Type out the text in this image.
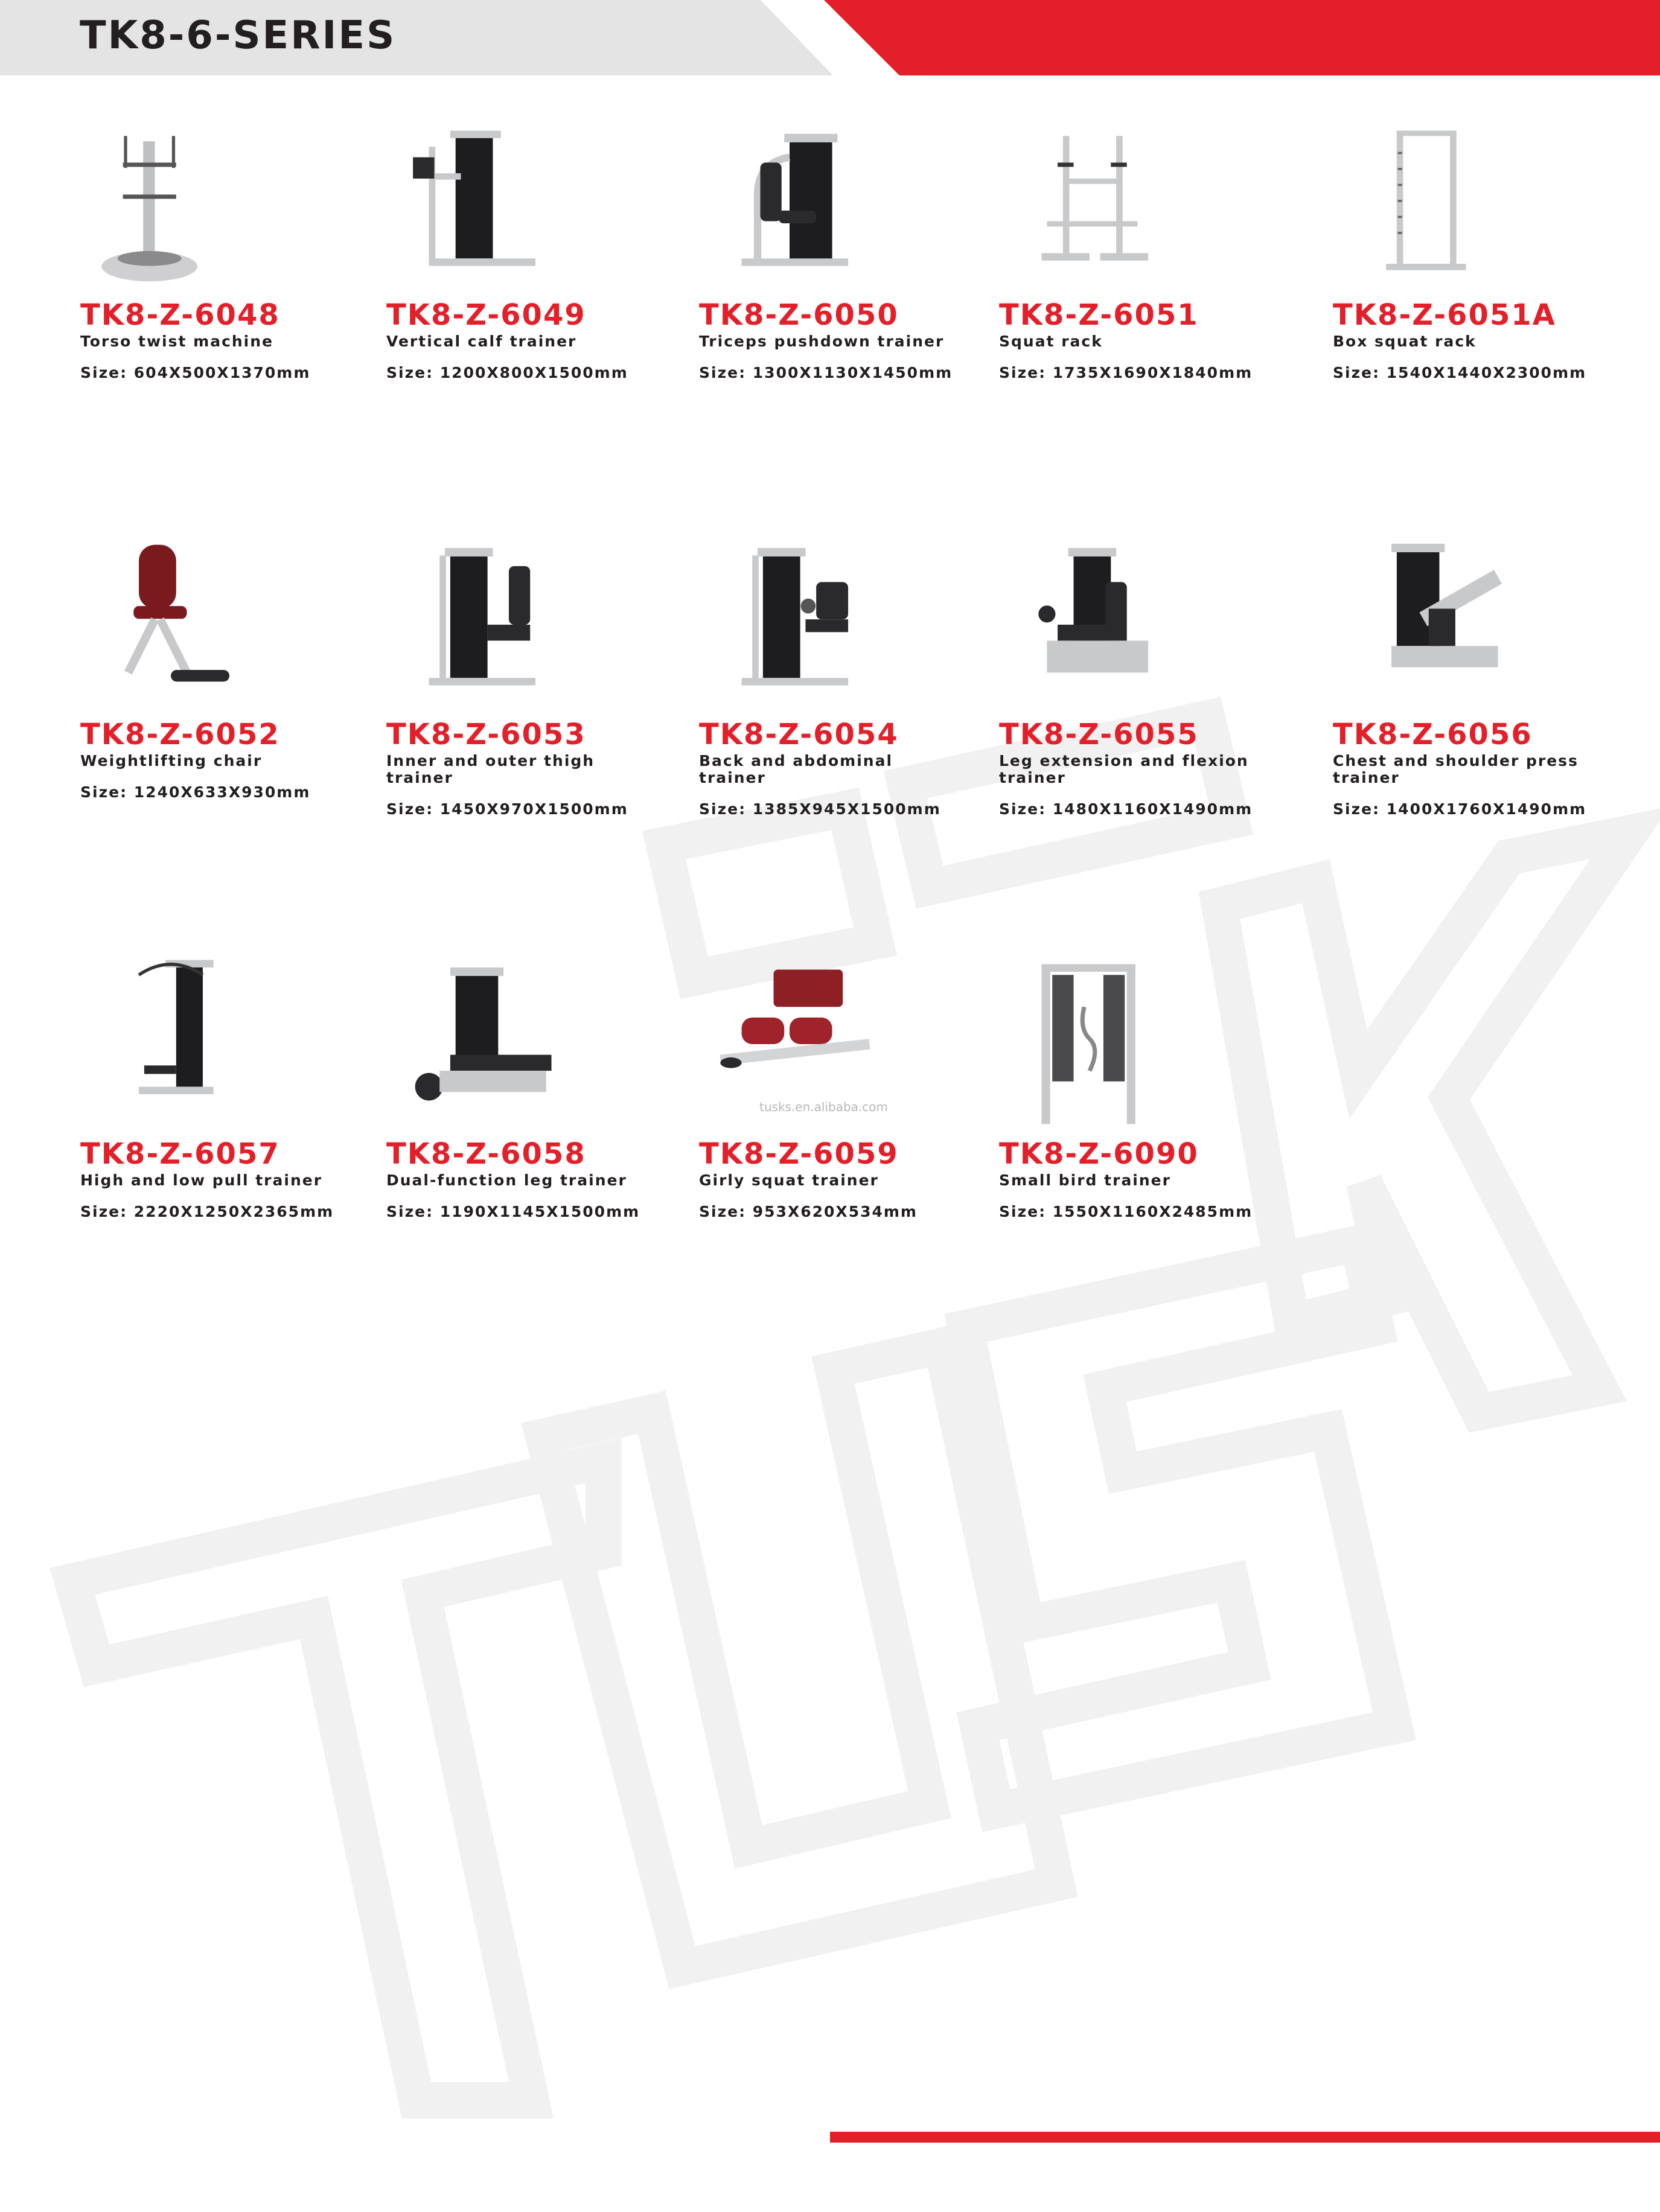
TK8-6-SERIES
TK8-Z-6048
Torso twist machine
Size: 604X500X1370mm
TK8-Z-6049
Vertical calf trainer
Size: 1200X800X1500mm
TK8-Z-6050
Triceps pushdown trainer
Size: 1300X1130X1450mm
TK8-Z-6051
Squat rack
Size: 1735X1690X1840mm
TK8-Z-6051A
Box squat rack
Size: 1540X1440X2300mm
TK8-Z-6052
Weightlifting chair
Size: 1240X633X930mm
TK8-Z-6053
Inner and outer thigh trainer
Size: 1450X970X1500mm
TK8-Z-6054
Back and abdominal trainer
Size: 1385X945X1500mm
TK8-Z-6055
Leg extension and flexion trainer
Size: 1480X1160X1490mm
TK8-Z-6056
Chest and shoulder press trainer
Size: 1400X1760X1490mm
TK8-Z-6057
High and low pull trainer
Size: 2220X1250X2365mm
TK8-Z-6058
Dual-function leg trainer
Size: 1190X1145X1500mm
TK8-Z-6059
Girly squat trainer
Size: 953X620X534mm
TK8-Z-6090
Small bird trainer
Size: 1550X1160X2485mm
tusks.en.alibaba.com
